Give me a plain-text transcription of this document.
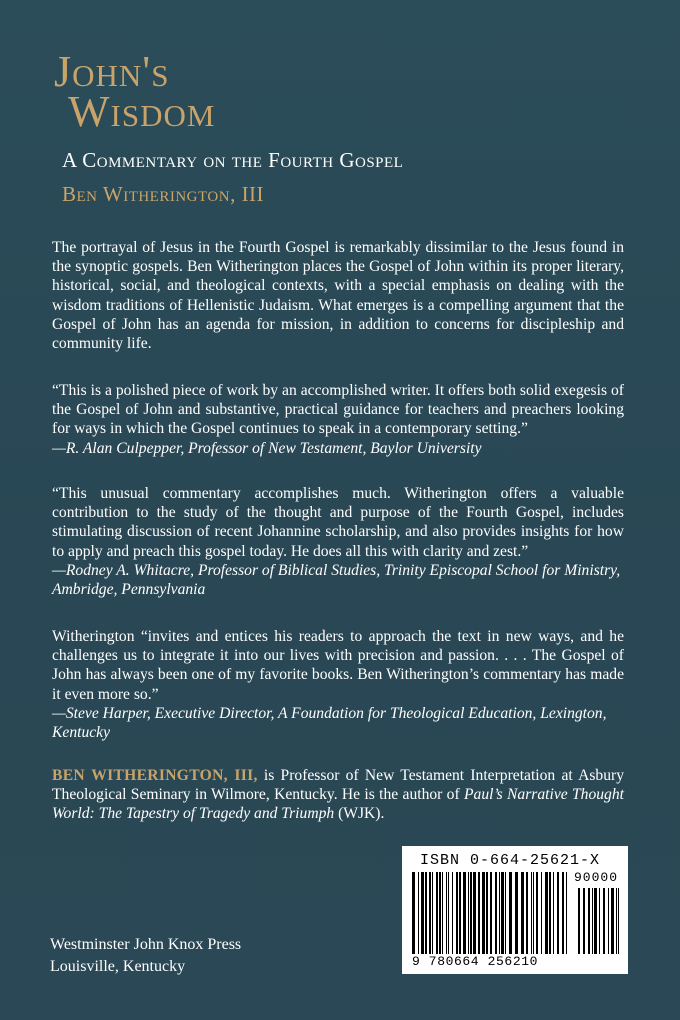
John's
Wisdom
A Commentary on the Fourth Gospel
Ben Witherington, III
The portrayal of Jesus in the Fourth Gospel is remarkably dissimilar to the Jesus found in the synoptic gospels. Ben Witherington places the Gospel of John within its proper literary, historical, social, and theological contexts, with a special emphasis on dealing with the wisdom traditions of Hellenistic Judaism. What emerges is a compelling argument that the Gospel of John has an agenda for mission, in addition to concerns for discipleship and community life.
“This is a polished piece of work by an accomplished writer. It offers both solid exegesis of the Gospel of John and substantive, practical guidance for teachers and preachers looking for ways in which the Gospel continues to speak in a contemporary setting.”
—R. Alan Culpepper, Professor of New Testament, Baylor University
“This unusual commentary accomplishes much. Witherington offers a valuable contribution to the study of the thought and purpose of the Fourth Gospel, includes stimulating discussion of recent Johannine scholarship, and also provides insights for how to apply and preach this gospel today. He does all this with clarity and zest.”
—Rodney A. Whitacre, Professor of Biblical Studies, Trinity Episcopal School for Ministry, Ambridge, Pennsylvania
Witherington “invites and entices his readers to approach the text in new ways, and he challenges us to integrate it into our lives with precision and passion. . . . The Gospel of John has always been one of my favorite books. Ben Witherington’s commentary has made it even more so.”
—Steve Harper, Executive Director, A Foundation for Theological Education, Lexington, Kentucky
BEN WITHERINGTON, III, is Professor of New Testament Interpretation at Asbury Theological Seminary in Wilmore, Kentucky. He is the author of Paul’s Narrative Thought World: The Tapestry of Tragedy and Triumph (WJK).
Westminster John Knox Press
Louisville, Kentucky
ISBN 0-664-25621-X
90000
9 780664 256210
